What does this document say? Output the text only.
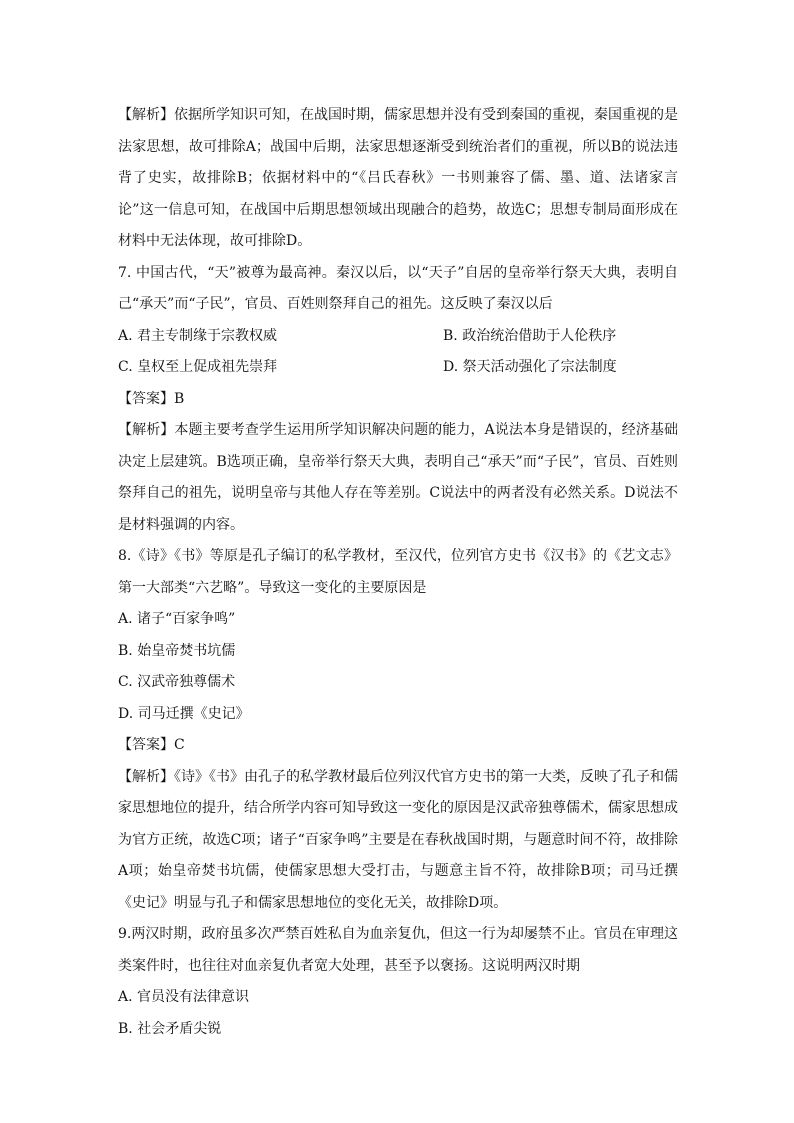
【解析】依据所学知识可知，在战国时期，儒家思想并没有受到秦国的重视，秦国重视的是法家思想，故可排除A；战国中后期，法家思想逐渐受到统治者们的重视，所以B的说法违背了史实，故排除B；依据材料中的“《吕氏春秋》一书则兼容了儒、墨、道、法诸家言论”这一信息可知，在战国中后期思想领域出现融合的趋势，故选C；思想专制局面形成在材料中无法体现，故可排除D。

7. 中国古代，“天”被尊为最高神。秦汉以后，以“天子”自居的皇帝举行祭天大典，表明自己“承天”而“子民”，官员、百姓则祭拜自己的祖先。这反映了秦汉以后

A. 君主专制缘于宗教权威	B. 政治统治借助于人伦秩序
C. 皇权至上促成祖先崇拜	D. 祭天活动强化了宗法制度

【答案】B

【解析】本题主要考查学生运用所学知识解决问题的能力，A说法本身是错误的，经济基础决定上层建筑。B选项正确，皇帝举行祭天大典，表明自己“承天”而“子民”，官员、百姓则祭拜自己的祖先，说明皇帝与其他人存在等差别。C说法中的两者没有必然关系。D说法不是材料强调的内容。

8.《诗》《书》等原是孔子编订的私学教材，至汉代，位列官方史书《汉书》的《艺文志》第一大部类“六艺略”。导致这一变化的主要原因是

A. 诸子“百家争鸣”

B. 始皇帝焚书坑儒

C. 汉武帝独尊儒术

D. 司马迁撰《史记》

【答案】C

【解析】《诗》《书》由孔子的私学教材最后位列汉代官方史书的第一大类，反映了孔子和儒家思想地位的提升，结合所学内容可知导致这一变化的原因是汉武帝独尊儒术，儒家思想成为官方正统，故选C项；诸子“百家争鸣”主要是在春秋战国时期，与题意时间不符，故排除A项；始皇帝焚书坑儒，使儒家思想大受打击，与题意主旨不符，故排除B项；司马迁撰《史记》明显与孔子和儒家思想地位的变化无关，故排除D项。

9.两汉时期，政府虽多次严禁百姓私自为血亲复仇，但这一行为却屡禁不止。官员在审理这类案件时，也往往对血亲复仇者宽大处理，甚至予以褒扬。这说明两汉时期

A. 官员没有法律意识

B. 社会矛盾尖锐
